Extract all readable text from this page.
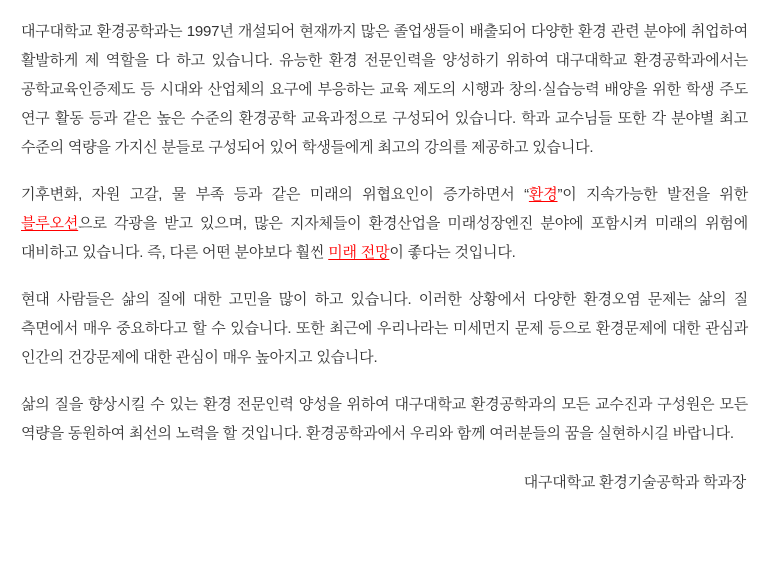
대구대학교 환경공학과는 1997년 개설되어 현재까지 많은 졸업생들이 배출되어 다양한 환경 관련 분야에 취업하여 활발하게 제 역할을 다 하고 있습니다. 유능한 환경 전문인력을 양성하기 위하여 대구대학교 환경공학과에서는 공학교육인증제도 등 시대와 산업체의 요구에 부응하는 교육 제도의 시행과 창의·실습능력 배양을 위한 학생 주도 연구 활동 등과 같은 높은 수준의 환경공학 교육과정으로 구성되어 있습니다. 학과 교수님들 또한 각 분야별 최고 수준의 역량을 가지신 분들로 구성되어 있어 학생들에게 최고의 강의를 제공하고 있습니다.

기후변화, 자원 고갈, 물 부족 등과 같은 미래의 위협요인이 증가하면서 “환경”이 지속가능한 발전을 위한 블루오션으로 각광을 받고 있으며, 많은 지자체들이 환경산업을 미래성장엔진 분야에 포함시켜 미래의 위험에 대비하고 있습니다. 즉, 다른 어떤 분야보다 훨씬 미래 전망이 좋다는 것입니다.

현대 사람들은 삶의 질에 대한 고민을 많이 하고 있습니다. 이러한 상황에서 다양한 환경오염 문제는 삶의 질 측면에서 매우 중요하다고 할 수 있습니다. 또한 최근에 우리나라는 미세먼지 문제 등으로 환경문제에 대한 관심과 인간의 건강문제에 대한 관심이 매우 높아지고 있습니다.

삶의 질을 향상시킬 수 있는 환경 전문인력 양성을 위하여 대구대학교 환경공학과의 모든 교수진과 구성원은 모든 역량을 동원하여 최선의 노력을 할 것입니다. 환경공학과에서 우리와 함께 여러분들의 꿈을 실현하시길 바랍니다.

대구대학교 환경기술공학과 학과장
